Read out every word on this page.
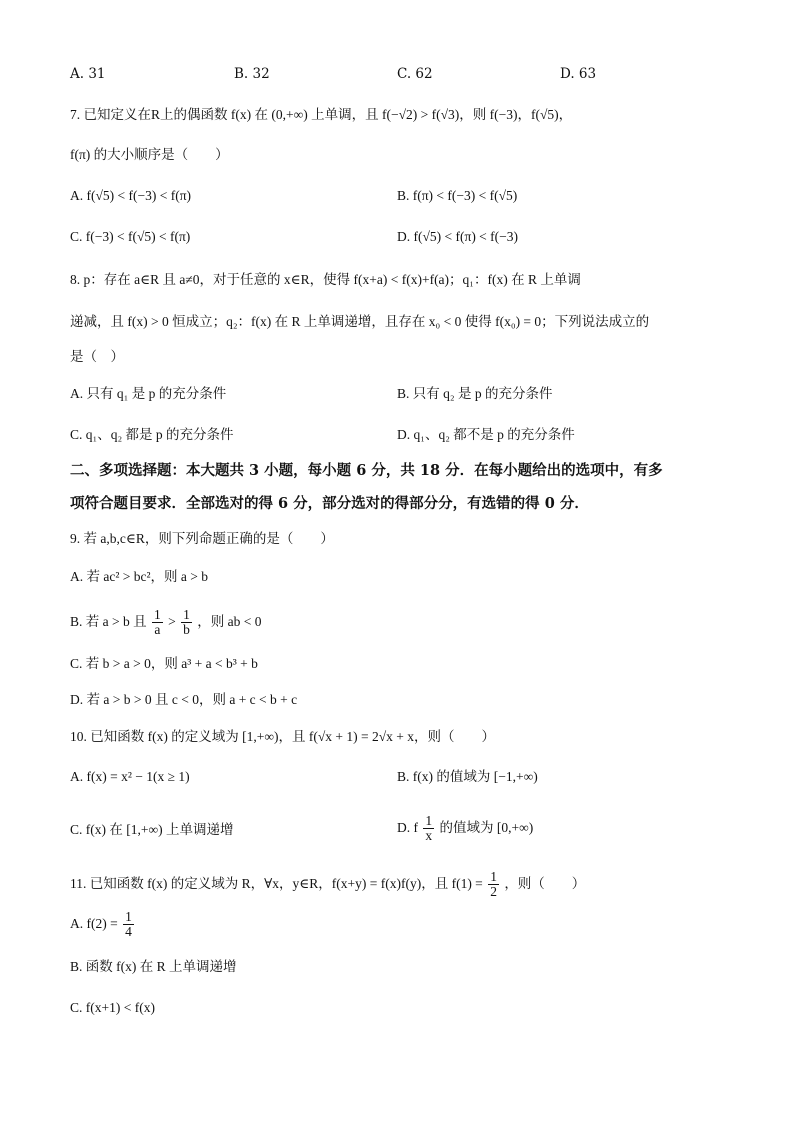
A. 31	B. 32	C. 62	D. 63
7. 已知定义在R上的偶函数 f(x) 在 (0,+∞) 上单调，且 f(−√2) > f(√3)，则 f(−3)，f(√5)，
f(π) 的大小顺序是（　　）
A. f(√5) < f(−3) < f(π)	B. f(π) < f(−3) < f(√5)
C. f(−3) < f(√5) < f(π)	D. f(√5) < f(π) < f(−3)
8. p：存在 a∈R 且 a≠0，对于任意的 x∈R，使得 f(x+a) < f(x)+f(a)；q₁：f(x) 在 R 上单调
递减，且 f(x) > 0 恒成立；q₂：f(x) 在 R 上单调递增，且存在 x₀ < 0 使得 f(x₀) = 0；下列说法成立的
是（　）
A. 只有 q₁ 是 p 的充分条件	B. 只有 q₂ 是 p 的充分条件
C. q₁、q₂ 都是 p 的充分条件	D. q₁、q₂ 都不是 p 的充分条件
二、多项选择题：本大题共 3 小题，每小题 6 分，共 18 分．在每小题给出的选项中，有多
项符合题目要求．全部选对的得 6 分，部分选对的得部分分，有选错的得 0 分．
9. 若 a,b,c∈R，则下列命题正确的是（　　）
A. 若 ac² > bc²，则 a > b
B. 若 a > b 且 $\frac{1}{a} > \frac{1}{b}$ ，则 ab < 0
C. 若 b > a > 0，则 a³ + a < b³ + b
D. 若 a > b > 0 且 c < 0，则 a + c < b + c
10. 已知函数 f(x) 的定义域为 [1,+∞)，且 f(√x + 1) = 2√x + x，则（　　）
A. f(x) = x² − 1(x ≥ 1)	B. f(x) 的值域为 [−1,+∞)
C. f(x) 在 [1,+∞) 上单调递增	D. f $\frac{1}{x}$ 的值域为 [0,+∞)
11. 已知函数 f(x) 的定义域为 R，∀x，y∈R，f(x+y) = f(x)f(y)，且 $f(1) = \frac{1}{2}$ ，则（　　）
A. $f(2) = \frac{1}{4}$
B. 函数 f(x) 在 R 上单调递增
C. f(x+1) < f(x)
